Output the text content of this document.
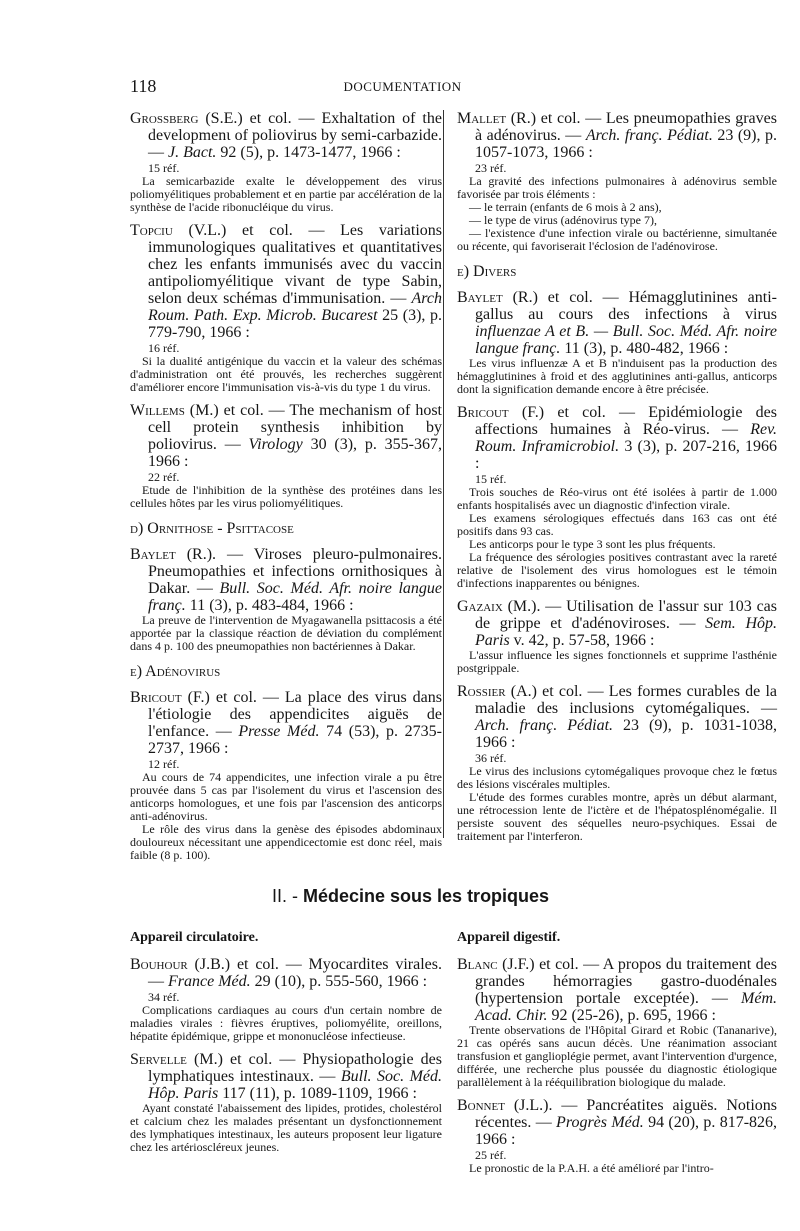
118	DOCUMENTATION
Grossberg (S.E.) et col. — Exhaltation of the developmenɩ of poliovirus by semi-carbazide. — J. Bact. 92 (5), p. 1473-1477, 1966 :
15 réf.
La semicarbazide exalte le développement des virus poliomyélitiques probablement et en partie par accélération de la synthèse de l'acide ribonucléique du virus.
Topciu (V.L.) et col. — Les variations immunologiques qualitatives et quantitatives chez les enfants immunisés avec du vaccin antipoliomyélitique vivant de type Sabin, selon deux schémas d'immunisation. — Arch Roum. Path. Exp. Microb. Bucarest 25 (3), p. 779-790, 1966 :
16 réf.
Si la dualité antigénique du vaccin et la valeur des schémas d'administration ont été prouvés, les recherches suggèrent d'améliorer encore l'immunisation vis-à-vis du type 1 du virus.
Willems (M.) et col. — The mechanism of host cell protein synthesis inhibition by poliovirus. — Virology 30 (3), p. 355-367, 1966 :
22 réf.
Etude de l'inhibition de la synthèse des protéines dans les cellules hôtes par les virus poliomyélitiques.
d) Ornithose - Psittacose
Baylet (R.). — Viroses pleuro-pulmonaires. Pneumopathies et infections ornithosiques à Dakar. — Bull. Soc. Méd. Afr. noire langue franç. 11 (3), p. 483-484, 1966 :
La preuve de l'intervention de Myagawanella psittacosis a été apportée par la classique réaction de déviation du complément dans 4 p. 100 des pneumopathies non bactériennes à Dakar.
e) Adénovirus
Bricout (F.) et col. — La place des virus dans l'étiologie des appendicites aiguës de l'enfance. — Presse Méd. 74 (53), p. 2735-2737, 1966 :
12 réf.
Au cours de 74 appendicites, une infection virale a pu être prouvée dans 5 cas par l'isolement du virus et l'ascension des anticorps homologues, et une fois par l'ascension des anticorps anti-adénovirus.
Le rôle des virus dans la genèse des épisodes abdominaux douloureux nécessitant une appendicectomie est donc réel, mais faible (8 p. 100).
Mallet (R.) et col. — Les pneumopathies graves à adénovirus. — Arch. franç. Pédiat. 23 (9), p. 1057-1073, 1966 :
23 réf.
La gravité des infections pulmonaires à adénovirus semble favorisée par trois éléments :
— le terrain (enfants de 6 mois à 2 ans),
— le type de virus (adénovirus type 7),
— l'existence d'une infection virale ou bactérienne, simultanée ou récente, qui favoriserait l'éclosion de l'adénovirose.
e) Divers
Baylet (R.) et col. — Hémagglutinines anti-gallus au cours des infections à virus influenzae A et B. — Bull. Soc. Méd. Afr. noire langue franç. 11 (3), p. 480-482, 1966 :
Les virus influenzæ A et B n'induisent pas la production des hémagglutinines à froid et des agglutinines anti-gallus, anticorps dont la signification demande encore à être précisée.
Bricout (F.) et col. — Epidémiologie des affections humaines à Réo-virus. — Rev. Roum. Inframicrobiol. 3 (3), p. 207-216, 1966 :
15 réf.
Trois souches de Réo-virus ont été isolées à partir de 1.000 enfants hospitalisés avec un diagnostic d'infection virale.
Les examens sérologiques effectués dans 163 cas ont été positifs dans 93 cas.
Les anticorps pour le type 3 sont les plus fréquents.
La fréquence des sérologies positives contrastant avec la rareté relative de l'isolement des virus homologues est le témoin d'infections inapparentes ou bénignes.
Gazaix (M.). — Utilisation de l'assur sur 103 cas de grippe et d'adénoviroses. — Sem. Hôp. Paris v. 42, p. 57-58, 1966 :
L'assur influence les signes fonctionnels et supprime l'asthénie postgrippale.
Rossier (A.) et col. — Les formes curables de la maladie des inclusions cytomégaliques. — Arch. franç. Pédiat. 23 (9), p. 1031-1038, 1966 :
36 réf.
Le virus des inclusions cytomégaliques provoque chez le fœtus des lésions viscérales multiples.
L'étude des formes curables montre, après un début alarmant, une rétrocession lente de l'ictère et de l'hépatosplénomégalie. Il persiste souvent des séquelles neuro-psychiques. Essai de traitement par l'interferon.
II. - Médecine sous les tropiques
Appareil circulatoire.
Bouhour (J.B.) et col. — Myocardites virales. — France Méd. 29 (10), p. 555-560, 1966 :
34 réf.
Complications cardiaques au cours d'un certain nombre de maladies virales : fièvres éruptives, poliomyélite, oreillons, hépatite épidémique, grippe et mononucléose infectieuse.
Servelle (M.) et col. — Physiopathologie des lymphatiques intestinaux. — Bull. Soc. Méd. Hôp. Paris 117 (11), p. 1089-1109, 1966 :
Ayant constaté l'abaissement des lipides, protides, cholestérol et calcium chez les malades présentant un dysfonctionnement des lymphatiques intestinaux, les auteurs proposent leur ligature chez les artérioscléreux jeunes.
Appareil digestif.
Blanc (J.F.) et col. — A propos du traitement des grandes hémorragies gastro-duodénales (hypertension portale exceptée). — Mém. Acad. Chir. 92 (25-26), p. 695, 1966 :
Trente observations de l'Hôpital Girard et Robic (Tananarive), 21 cas opérés sans aucun décès. Une réanimation associant transfusion et ganglioplégie permet, avant l'intervention d'urgence, différée, une recherche plus poussée du diagnostic étiologique parallèlement à la rééquilibration biologique du malade.
Bonnet (J.L.). — Pancréatites aiguës. Notions récentes. — Progrès Méd. 94 (20), p. 817-826, 1966 :
25 réf.
Le pronostic de la P.A.H. a été amélioré par l'intro-
